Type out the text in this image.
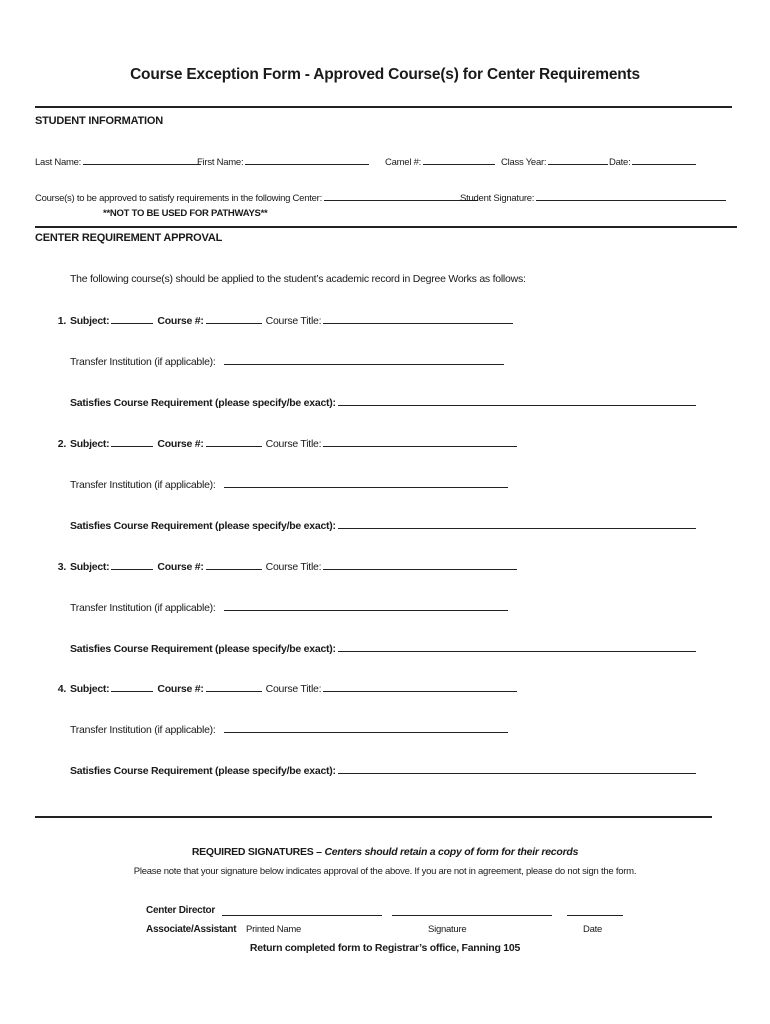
Course Exception Form - Approved Course(s) for Center Requirements
STUDENT INFORMATION
Last Name:	First Name:	Camel #:	Class Year:	Date:
Course(s) to be approved to satisfy requirements in the following Center:	Student Signature:
**NOT TO BE USED FOR PATHWAYS**
CENTER REQUIREMENT APPROVAL
The following course(s) should be applied to the student’s academic record in Degree Works as follows:
1. Subject:	Course #:	Course Title:
Transfer Institution (if applicable):
Satisfies Course Requirement (please specify/be exact):
2. Subject:	Course #:	Course Title:
Transfer Institution (if applicable):
Satisfies Course Requirement (please specify/be exact):
3. Subject:	Course #:	Course Title:
Transfer Institution (if applicable):
Satisfies Course Requirement (please specify/be exact):
4. Subject:	Course #:	Course Title:
Transfer Institution (if applicable):
Satisfies Course Requirement (please specify/be exact):
REQUIRED SIGNATURES – Centers should retain a copy of form for their records
Please note that your signature below indicates approval of the above. If you are not in agreement, please do not sign the form.
Center Director
Associate/Assistant Printed Name	Signature	Date
Return completed form to Registrar’s office, Fanning 105
